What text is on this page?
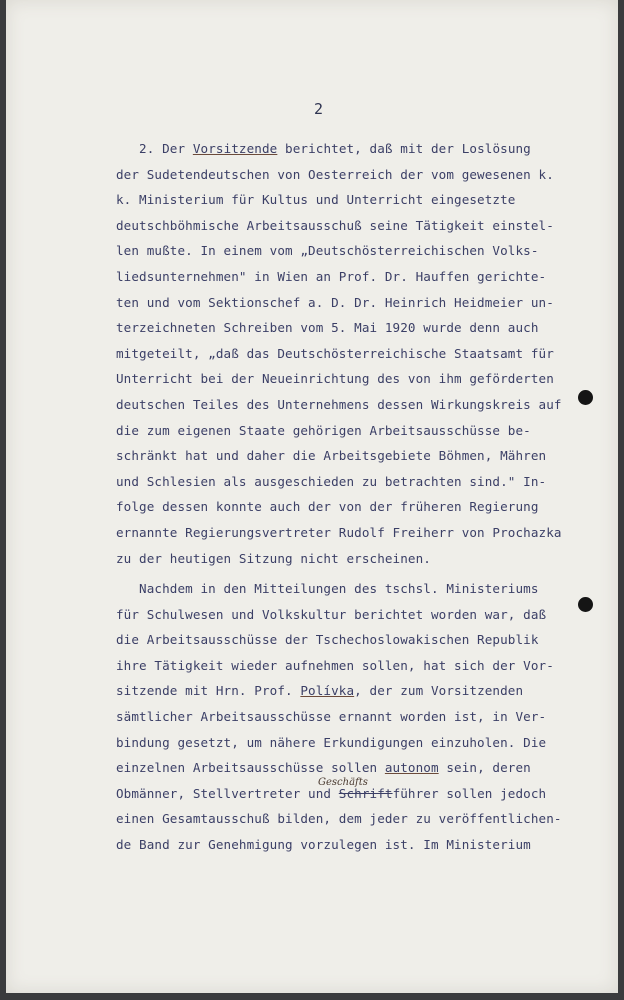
2
2. Der Vorsitzende berichtet, daß mit der Loslösung
der Sudetendeutschen von Oesterreich der vom gewesenen k.
k. Ministerium für Kultus und Unterricht eingesetzte
deutschböhmische Arbeitsausschuß seine Tätigkeit einstel-
len mußte. In einem vom „Deutschösterreichischen Volks-
liedsunternehmen" in Wien an Prof. Dr. Hauffen gerichte-
ten und vom Sektionschef a. D. Dr. Heinrich Heidmeier un-
terzeichneten Schreiben vom 5. Mai 1920 wurde denn auch
mitgeteilt, „daß das Deutschösterreichische Staatsamt für
Unterricht bei der Neueinrichtung des von ihm geförderten
deutschen Teiles des Unternehmens dessen Wirkungskreis auf
die zum eigenen Staate gehörigen Arbeitsausschüsse be-
schränkt hat und daher die Arbeitsgebiete Böhmen, Mähren
und Schlesien als ausgeschieden zu betrachten sind." In-
folge dessen konnte auch der von der früheren Regierung
ernannte Regierungsvertreter Rudolf Freiherr von Prochazka
zu der heutigen Sitzung nicht erscheinen.
Nachdem in den Mitteilungen des tschsl. Ministeriums
für Schulwesen und Volkskultur berichtet worden war, daß
die Arbeitsausschüsse der Tschechoslowakischen Republik
ihre Tätigkeit wieder aufnehmen sollen, hat sich der Vor-
sitzende mit Hrn. Prof. Polívka, der zum Vorsitzenden
sämtlicher Arbeitsausschüsse ernannt worden ist, in Ver-
bindung gesetzt, um nähere Erkundigungen einzuholen. Die
einzelnen Arbeitsausschüsse sollen autonom sein, deren
Obmänner, Stellvertreter und Schriftführer sollen jedoch
einen Gesamtausschuß bilden, dem jeder zu veröffentlichen-
de Band zur Genehmigung vorzulegen ist. Im Ministerium
Geschäfts
